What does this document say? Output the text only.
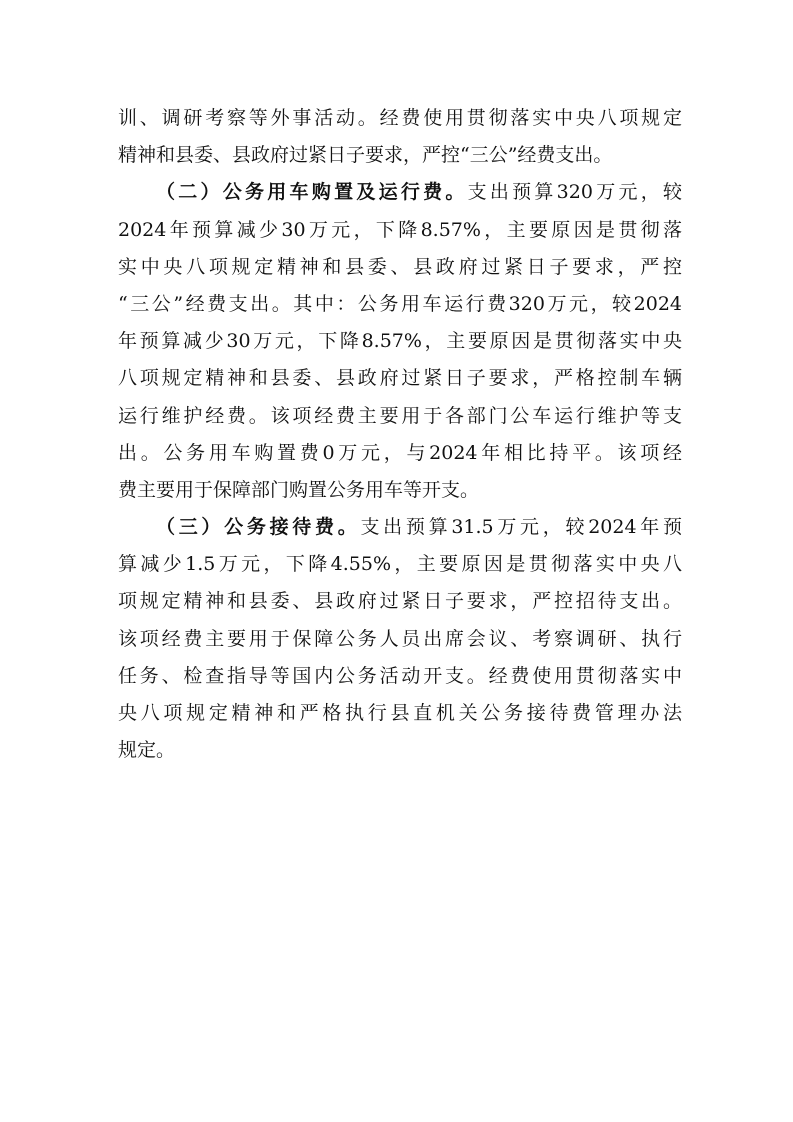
训、调研考察等外事活动。经费使用贯彻落实中央八项规定
精神和县委、县政府过紧日子要求，严控“三公”经费支出。
（二）公务用车购置及运行费。支出预算320万元，较
2024年预算减少30万元，下降8.57%，主要原因是贯彻落
实中央八项规定精神和县委、县政府过紧日子要求，严控
“三公”经费支出。其中：公务用车运行费320万元，较2024
年预算减少30万元，下降8.57%，主要原因是贯彻落实中央
八项规定精神和县委、县政府过紧日子要求，严格控制车辆
运行维护经费。该项经费主要用于各部门公车运行维护等支
出。公务用车购置费0万元，与2024年相比持平。该项经
费主要用于保障部门购置公务用车等开支。
（三）公务接待费。支出预算31.5万元，较2024年预
算减少1.5万元，下降4.55%，主要原因是贯彻落实中央八
项规定精神和县委、县政府过紧日子要求，严控招待支出。
该项经费主要用于保障公务人员出席会议、考察调研、执行
任务、检查指导等国内公务活动开支。经费使用贯彻落实中
央八项规定精神和严格执行县直机关公务接待费管理办法
规定。
